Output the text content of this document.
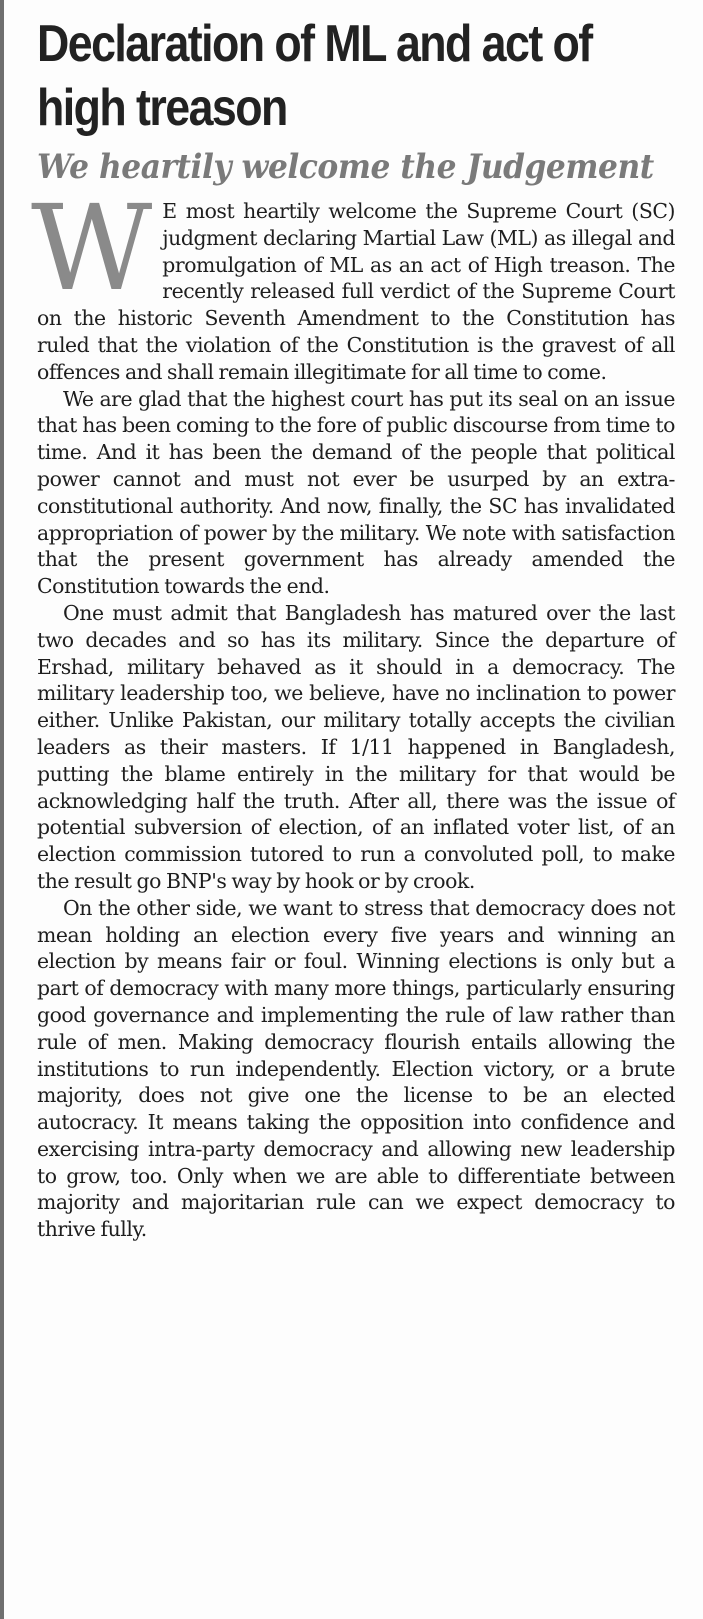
Declaration of ML and act of high treason
We heartily welcome the Judgement

W E most heartily welcome the Supreme Court (SC) judgment declaring Martial Law (ML) as illegal and promulgation of ML as an act of High treason. The recently released full verdict of the Supreme Court on the historic Seventh Amendment to the Constitution has ruled that the violation of the Constitution is the gravest of all offences and shall remain illegitimate for all time to come.

We are glad that the highest court has put its seal on an issue that has been coming to the fore of public discourse from time to time. And it has been the demand of the people that political power cannot and must not ever be usurped by an extra-constitutional authority. And now, finally, the SC has invalidated appropriation of power by the military. We note with satisfaction that the present government has already amended the Constitution towards the end.

One must admit that Bangladesh has matured over the last two decades and so has its military. Since the departure of Ershad, military behaved as it should in a democracy. The military leadership too, we believe, have no inclination to power either. Unlike Pakistan, our military totally accepts the civilian leaders as their masters. If 1/11 happened in Bangladesh, putting the blame entirely in the military for that would be acknowledging half the truth. After all, there was the issue of potential subversion of election, of an inflated voter list, of an election commission tutored to run a convoluted poll, to make the result go BNP's way by hook or by crook.

On the other side, we want to stress that democracy does not mean holding an election every five years and winning an election by means fair or foul. Winning elections is only but a part of democracy with many more things, particularly ensuring good governance and implementing the rule of law rather than rule of men. Making democracy flourish entails allowing the institutions to run independently. Election victory, or a brute majority, does not give one the license to be an elected autocracy. It means taking the opposition into confidence and exercising intra-party democracy and allowing new leadership to grow, too. Only when we are able to differentiate between majority and majoritarian rule can we expect democracy to thrive fully.
